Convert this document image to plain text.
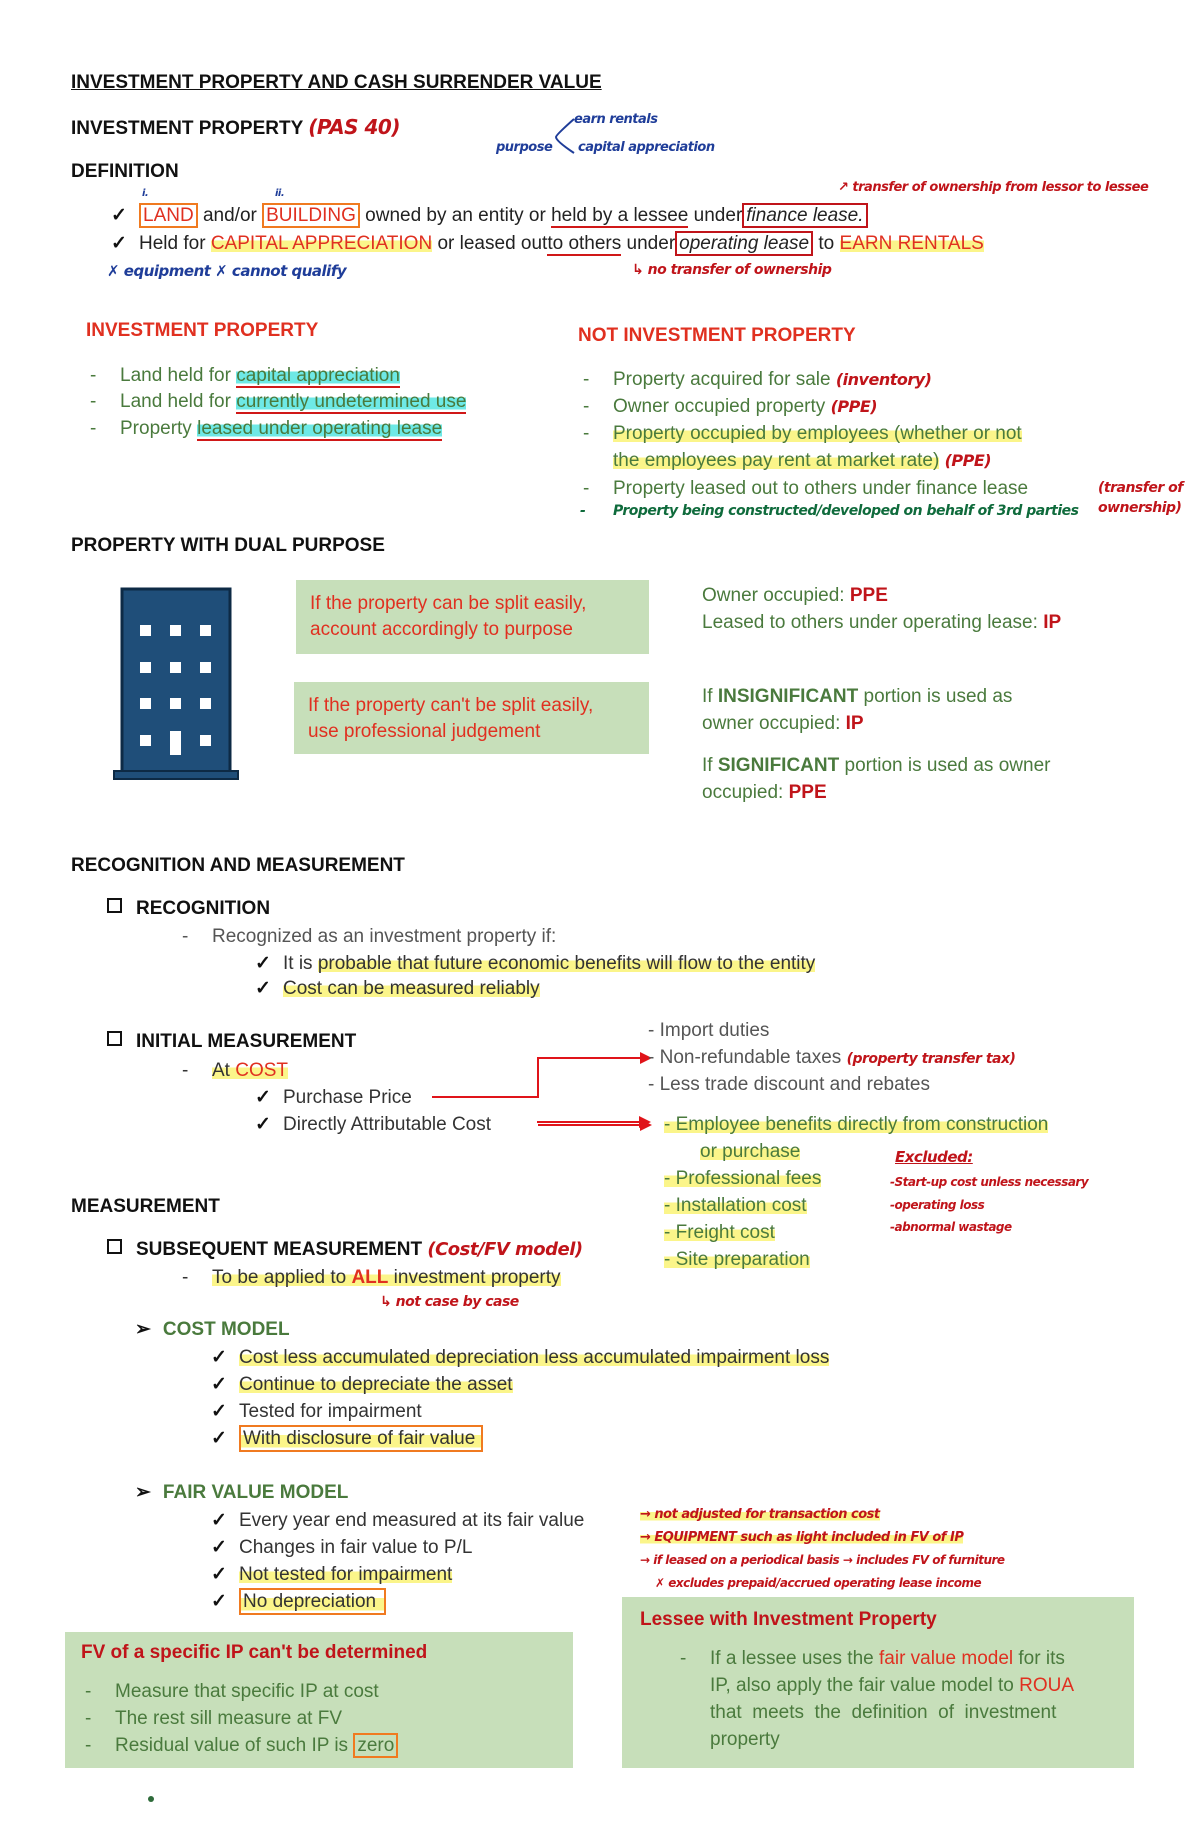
INVESTMENT PROPERTY AND CASH SURRENDER VALUE
INVESTMENT PROPERTY (PAS 40)
purpose
earn rentals
capital appreciation
DEFINITION
i.	ii.	↗ transfer of ownership from lessor to lessee
LAND and/or BUILDING owned by an entity or held by a lessee under finance lease.
Held for CAPITAL APPRECIATION or leased outto others under operating lease to EARN RENTALS
↳ no transfer of ownership
✗ equipment ✗ cannot qualify
INVESTMENT PROPERTY
- Land held for capital appreciation
- Land held for currently undetermined use
- Property leased under operating lease
NOT INVESTMENT PROPERTY
- Property acquired for sale (inventory)
- Owner occupied property (PPE)
- Property occupied by employees (whether or not
the employees pay rent at market rate) (PPE)
- Property leased out to others under finance lease	(transfer of ownership)
- Property being constructed/developed on behalf of 3rd parties
PROPERTY WITH DUAL PURPOSE
If the property can be split easily,
account accordingly to purpose
If the property can't be split easily,
use professional judgement
Owner occupied: PPE
Leased to others under operating lease: IP
If INSIGNIFICANT portion is used as
owner occupied: IP
If SIGNIFICANT portion is used as owner
occupied: PPE
RECOGNITION AND MEASUREMENT
RECOGNITION
- Recognized as an investment property if:
It is probable that future economic benefits will flow to the entity
Cost can be measured reliably
INITIAL MEASUREMENT
- At COST
Purchase Price
Directly Attributable Cost
- Import duties
- Non-refundable taxes (property transfer tax)
- Less trade discount and rebates
- Employee benefits directly from construction
or purchase
- Professional fees
- Installation cost
- Freight cost
- Site preparation
Excluded:
-Start-up cost unless necessary
-operating loss
-abnormal wastage
MEASUREMENT
SUBSEQUENT MEASUREMENT (Cost/FV model)
- To be applied to ALL investment property
↳ not case by case
➢ COST MODEL
Cost less accumulated depreciation less accumulated impairment loss
Continue to depreciate the asset
Tested for impairment
With disclosure of fair value
➢ FAIR VALUE MODEL
Every year end measured at its fair value
Changes in fair value to P/L
Not tested for impairment
No depreciation
→ not adjusted for transaction cost
→ EQUIPMENT such as light included in FV of IP
→ if leased on a periodical basis → includes FV of furniture
✗ excludes prepaid/accrued operating lease income
FV of a specific IP can't be determined
- Measure that specific IP at cost
- The rest sill measure at FV
- Residual value of such IP is zero
Lessee with Investment Property
- If a lessee uses the fair value model for its
IP, also apply the fair value model to ROUA
that  meets  the  definition  of  investment
property
